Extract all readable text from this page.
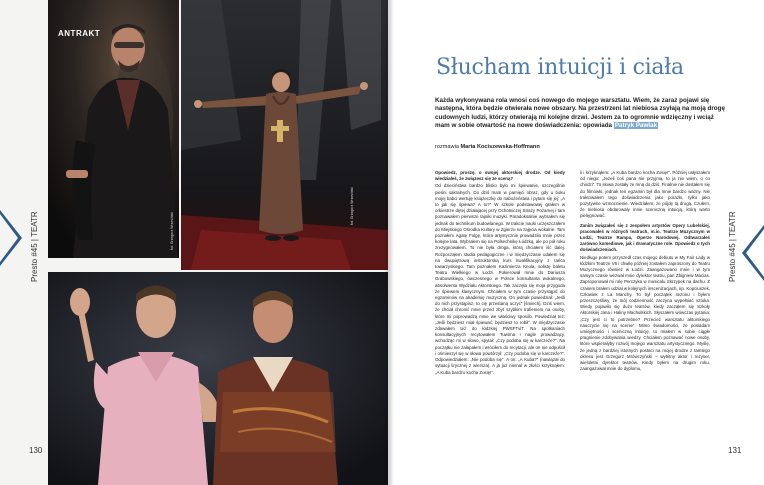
ANTRAKT
fot. Grzegorz Wrzesiński
fot. Grzegorz Wrzesiński
Presto #45 | TEATR
130
Słucham intuicji i ciała
Każda wykonywana rola wnosi coś nowego do mojego warsztatu. Wiem, że zaraz pojawi się następna, która będzie otwierała nowe obszary. Na przestrzeni lat niebiosa zsyłają na moją drogę cudownych ludzi, którzy otwierają mi kolejne drzwi. Jestem za to ogromnie wdzięczny i wciąż mam w sobie otwartość na nowe doświadczenia: opowiada Patryk Pawlak
rozmawia Marta Kociszewska-Hoffmann

Opowiedz, proszę, o swojej aktorskiej drodze. Od kiedy wiedziałeś, że związesz się ze sceną?

Od dzieciństwa bardzo blisko było mi śpiewanie, szczególnie pieśni sakralnych. Do dziś mam w pamięci obraz, gdy u boku mojej babci wertuję książeczkę do nabożeństwa i pytam się jej: „A to jak się śpiewa? A to?” W szkole podstawowej grałem w orkiestrze dętej działającej przy Ochotniczej Straży Pożarnej i tam poznawałem pierwsze tajniki muzyki. Paradoksalnie wybrałem się jednak do technikum budowlanego. W trakcie nauki uczęszczałem do Miejskiego Ośrodka Kultury w Zgierzu na zajęcia wokalne. Tam poznałem Agatę Folgę, która artystycznie prowadziła mnie przez kolejne lata. Wybrałem się na Politechnikę Łódzką, ale po pół roku zrezygnowałem. To nie była droga, którą chciałem iść dalej. Rozpocząłem studia pedagogiczne i w międzyczasie udałem się na dwupiętrową instruktorską kurs kwalifikacyjny z tańca towarzyskiego. Tam poznałem Kazimierza Knola, solistę baletu Teatru Wielkiego w Łodzi. Pokierował mnie do Dariusza Grabowskiego, ówczesnego w Polsce konsultanta wokalnego, absolwenta Wydziału Aktorskiego. Tak zaczęła się moja przygoda ze śpiewem klasycznym. Chciałem w tym czasie przystąpić do egzaminów na akademię muzyczną. On jednak powiedział: „Jeśli do nich przystąpisz, to cię przestaną uczyć” [śmiech]. Dziś wiem, że chciał chronić mnie przed zbyt szybkim trafieniem na osoby, które mi poprowadzą mnie we właściwy sposób. Powiedział też: „Jeśli będziesz miał śpiewać, będziesz to robił”. W międzyczasie zdawałem też do łódzkiej PWSFTviT. Na spotkaniach konsultacyjnych recytowałem Tuwima i nagle prowadzący, wchodząc mi w słowo, spytał: „Czy podoba się w karczeźe?”. Na początku nie załapałem i wróciłem do recytacji, ale on nie odpuścił i ośmieszył się w słowa powtórzył: „Czy podoba się w karczeźe?”. Odpowiedziałem: „Nie podoba się”. A on: „A Kuba?” (nawiązał do sytuacji lirycznej z wiersza). A ja już niemal w złości krzyknąłem: „A Kuba bardzo kocha Zosię!”.

li i krzyknąłem: „A Kuba bardzo kocha Zosię!”. Później usłyszałem od niego: „Jeżeli coś pana nie przyjmą, to ja nie wiem, o co chodzi”. To słowa zostały ze mną do dziś. Finalnie nie dostałem się do filmówki, jednak ten egzamin był dla mnie bardzo ważny. Nie traktowałem tego doświadczenia jako porażki, tylko jako pozytywne wzmocnienie. Wiedziałem, że pójdę tą drogą. Czułem, że niebiosa obdarowały mnie sceniczną intuicją, którą warto pielęgnować.

Zanim związałeś się z zespołem artystów Opery Lubelskiej, pracowałeś w różnych teatrach, m.in. Teatrze Muzycznym w Łodzi, Teatrze Rampa, Operze Narodowej. Odtwarzałeś zarówno komediowe, jak i dramatyczne role. Opowiedz o tych doświadczeniach.

Niedługo potem przyszedł czas mojego debiutu w My Fair Lady w łódzkim Teatrze V6 i chwilę później zostałem zaproszony do Teatru Muzycznego również w Łodzi. Zaangażowano mnie i w tym samym czasie wezwał mnie dyrektor teatru, pan Zbigniew Macias. Zaproponował mi rolę Perczyka w musicalu Skrzypek na dachu. Z czasem brałem udział w kolejnych inscenizacjach, np. Kopciuszek, Człowiek z La Manchy. To był początek sezonu i byłem przeszczęśliwy, że mój codzienność zaczyna wypełniać sztuka. Wiedy pojawiło się dużo teatrów, kiedy zacząłem się Szkoły Aktorskiej Jana i Haliny Machulskich. Słyszałem wówczas pytania: „Czy jest ci to potrzebne? Przecież warsztatu aktorskiego nauczycie się na scenie”. Mimo świadomości, że posiadam umiejętności i sceniczną intuicję, to miałem w sobie ciągłe pragnienie zdobywania wiedzy. Chciałem poznawać nowe osoby, które wspierałyby rozwój mojego warsztatu artystycznego. Myślę, że jedną z bardziej istotnych postaci na mojej drodze z tamtego okresu jest Grzegorz Mrówczyński – wybitny aktor i reżyser, wieloletni dyrektor teatrów. Kiedy byłem na drugim roku, zaangażował mnie do dyplomu,

Presto #45 | TEATR
131
